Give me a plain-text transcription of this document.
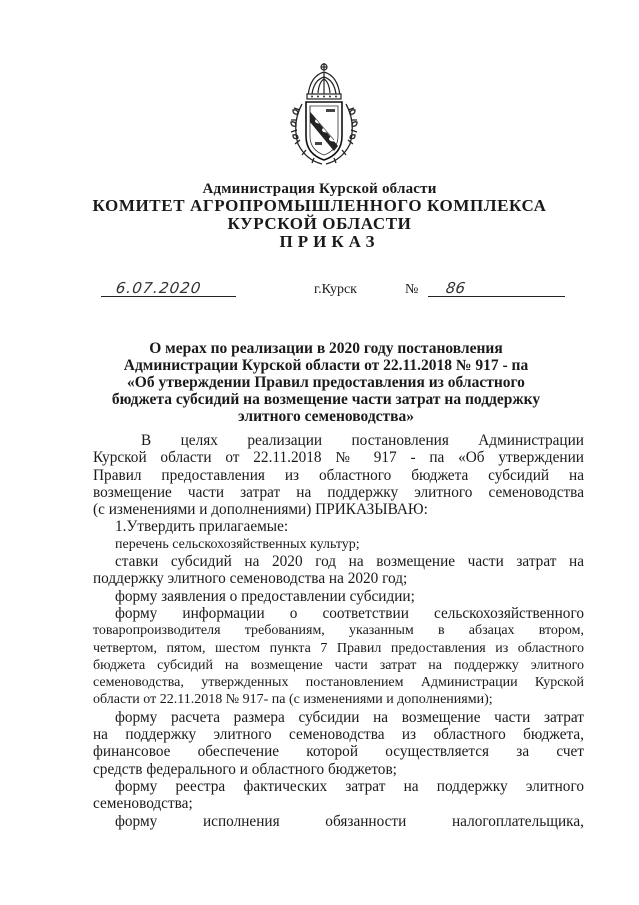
Администрация Курской области
КОМИТЕТ АГРОПРОМЫШЛЕННОГО КОМПЛЕКСА
КУРСКОЙ ОБЛАСТИ
ПРИКАЗ
6.07.2020	г.Курск	№ 86
О мерах по реализации в 2020 году постановления
Администрации Курской области от 22.11.2018 № 917 - па
«Об утверждении Правил предоставления из областного
бюджета субсидий на возмещение части затрат на поддержку
элитного семеноводства»
В целях реализации постановления Администрации
Курской области от 22.11.2018 № 917 - па «Об утверждении
Правил предоставления из областного бюджета субсидий на
возмещение части затрат на поддержку элитного семеноводства
(с изменениями и дополнениями) ПРИКАЗЫВАЮ:
1.Утвердить прилагаемые:
перечень сельскохозяйственных культур;
ставки субсидий на 2020 год на возмещение части затрат на
поддержку элитного семеноводства на 2020 год;
форму заявления о предоставлении субсидии;
форму информации о соответствии сельскохозяйственного
товаропроизводителя требованиям, указанным в абзацах втором,
четвертом, пятом, шестом пункта 7 Правил предоставления из областного
бюджета субсидий на возмещение части затрат на поддержку элитного
семеноводства, утвержденных постановлением Администрации Курской
области от 22.11.2018 № 917- па (с изменениями и дополнениями);
форму расчета размера субсидии на возмещение части затрат
на поддержку элитного семеноводства из областного бюджета,
финансовое обеспечение которой осуществляется за счет
средств федерального и областного бюджетов;
форму реестра фактических затрат на поддержку элитного
семеноводства;
форму исполнения обязанности налогоплательщика,
